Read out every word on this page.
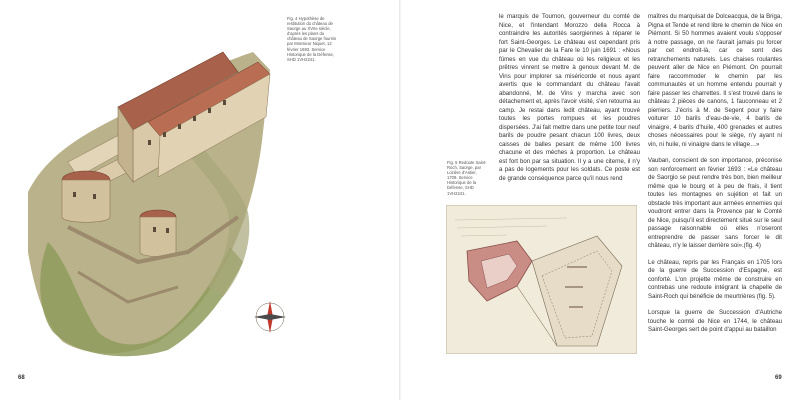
Fig. 4 Hypothèse de restitution du château de Saorge au XVIIe siècle, d'après les plans du château de Saorge fournis par Monsieur Niquet, 12 février 1693. Service Historique de la Défense, SHD 1VH2241.
68
Fig. 5 Redoute Saint-Roch, Saorge, par Lozière d'Astier, 1709. Service Historique de la Défense, SHD 1VH2241.

le marquis de Tournon, gouverneur du comté de Nice, et l'intendant Morozzo della Rocca à contraindre les autorités saorgiennes à réparer le fort Saint-Georges. Le château est cependant pris par le Chevalier de la Fare le 10 juin 1691 : «Nous fûmes en vue du château où les religieux et les prêtres vinrent se mettre à genoux devant M. de Vins pour implorer sa miséricorde et nous ayant avertis que le commandant du château l'avait abandonné, M. de Vins y marcha avec son détachement et, après l'avoir visité, s'en retourna au camp. Je restai dans ledit château, ayant trouvé toutes les portes rompues et les poudres dispersées. J'ai fait mettre dans une petite tour neuf barils de poudre pesant chacun 100 livres, deux caisses de balles pesant de même 100 livres chacune et des mèches à proportion. Le château est fort bon par sa situation. Il y a une citerne, il n'y a pas de logements pour les soldats. Ce poste est de grande conséquence parce qu'il nous rend

maîtres du marquisat de Dolceacqua, de la Briga, Pigna et Tende et rend libre le chemin de Nice en Piémont. Si 50 hommes avaient voulu s'opposer à notre passage, on ne l'aurait jamais pu forcer par cet endroit-là, car ce sont des retranchements naturels. Les chaises roulantes peuvent aller de Nice en Piémont. On pourrait faire raccommoder le chemin par les communautés et un homme entendu pourrait y faire passer les charrettes. Il s'est trouvé dans le château 2 pièces de canons, 1 fauconneau et 2 pierriers. J'écris à M. de Segent pour y faire voiturer 10 barils d'eau-de-vie, 4 barils de vinaigre, 4 barils d'huile, 400 grenades et autres choses nécessaires pour le siège, n'y ayant ni vin, ni huile, ni vinaigre dans le village…»

Vauban, conscient de son importance, préconise son renforcement en février 1693 : «Le château de Saorgio se peut rendre très bon, bien meilleur même que le bourg et à peu de frais, il tient toutes les montagnes en sujétion et fait un obstacle très important aux armées ennemies qui voudront entrer dans la Provence par le Comté de Nice, puisqu'il est directement situé sur le seul passage raisonnable où elles n'oseront entreprendre de passer sans forcer le dit château, n'y le laisser derrière soi».(fig. 4)

Le château, repris par les Français en 1705 lors de la guerre de Succession d'Espagne, est conforté. L'on projette même de construire en contrebas une redoute intégrant la chapelle de Saint-Roch qui bénéficie de meurtrières (fig. 5).

Lorsque la guerre de Succession d'Autriche touche le comté de Nice en 1744, le château Saint-Georges sert de point d'appui au bataillon

69
